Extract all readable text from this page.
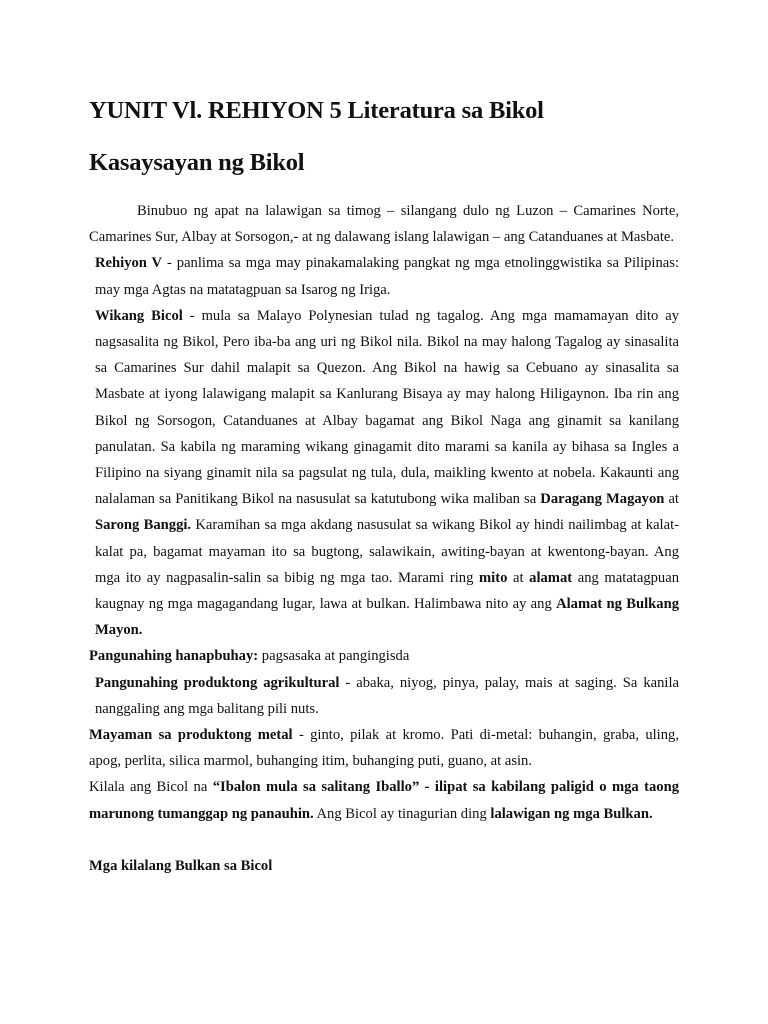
YUNIT Vl. REHIYON 5 Literatura sa Bikol
Kasaysayan ng Bikol

Binubuo ng apat na lalawigan sa timog – silangang dulo ng Luzon – Camarines Norte, Camarines Sur, Albay at Sorsogon,- at ng dalawang islang lalawigan – ang Catanduanes at Masbate.

Rehiyon V - panlima sa mga may pinakamalaking pangkat ng mga etnolinggwistika sa Pilipinas: may mga Agtas na matatagpuan sa Isarog ng Iriga.

Wikang Bicol - mula sa Malayo Polynesian tulad ng tagalog. Ang mga mamamayan dito ay nagsasalita ng Bikol, Pero iba-ba ang uri ng Bikol nila. Bikol na may halong Tagalog ay sinasalita sa Camarines Sur dahil malapit sa Quezon. Ang Bikol na hawig sa Cebuano ay sinasalita sa Masbate at iyong lalawigang malapit sa Kanlurang Bisaya ay may halong Hiligaynon. Iba rin ang Bikol ng Sorsogon, Catanduanes at Albay bagamat ang Bikol Naga ang ginamit sa kanilang panulatan. Sa kabila ng maraming wikang ginagamit dito marami sa kanila ay bihasa sa Ingles a Filipino na siyang ginamit nila sa pagsulat ng tula, dula, maikling kwento at nobela. Kakaunti ang nalalaman sa Panitikang Bikol na nasusulat sa katutubong wika maliban sa Daragang Magayon at Sarong Banggi. Karamihan sa mga akdang nasusulat sa wikang Bikol ay hindi nailimbag at kalat-kalat pa, bagamat mayaman ito sa bugtong, salawikain, awiting-bayan at kwentong-bayan. Ang mga ito ay nagpasalin-salin sa bibig ng mga tao. Marami ring mito at alamat ang matatagpuan kaugnay ng mga magagandang lugar, lawa at bulkan. Halimbawa nito ay ang Alamat ng Bulkang Mayon.

Pangunahing hanapbuhay: pagsasaka at pangingisda

Pangunahing produktong agrikultural - abaka, niyog, pinya, palay, mais at saging. Sa kanila nanggaling ang mga balitang pili nuts.

Mayaman sa produktong metal - ginto, pilak at kromo. Pati di-metal: buhangin, graba, uling, apog, perlita, silica marmol, buhanging itim, buhanging puti, guano, at asin.

Kilala ang Bicol na “Ibalon mula sa salitang Iballo” - ilipat sa kabilang paligid o mga taong marunong tumanggap ng panauhin. Ang Bicol ay tinagurian ding lalawigan ng mga Bulkan.

Mga kilalang Bulkan sa Bicol
